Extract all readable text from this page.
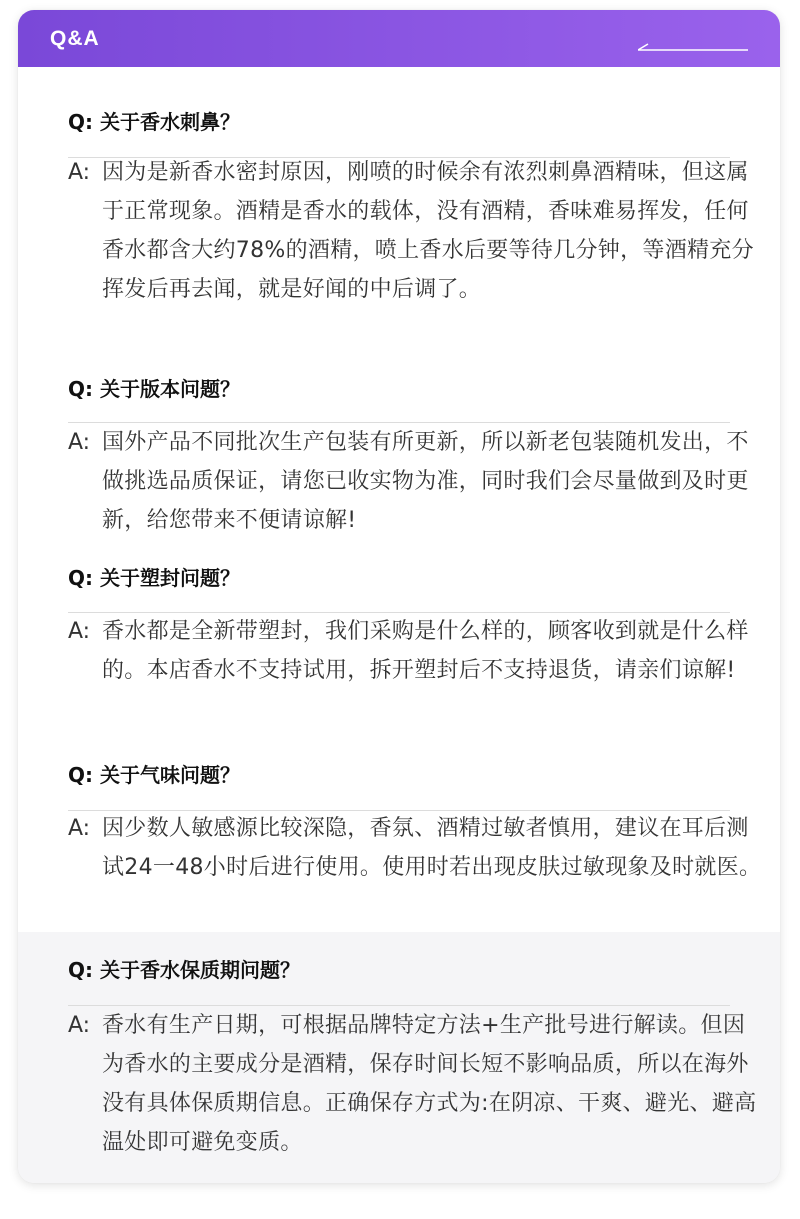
Q&A
Q: 关于香水刺鼻？
A: 因为是新香水密封原因，刚喷的时候余有浓烈刺鼻酒精味，但这属于正常现象。酒精是香水的载体，没有酒精，香味难易挥发，任何香水都含大约78%的酒精，喷上香水后要等待几分钟，等酒精充分挥发后再去闻，就是好闻的中后调了。
Q: 关于版本问题？
A: 国外产品不同批次生产包装有所更新，所以新老包装随机发出，不做挑选品质保证，请您已收实物为准，同时我们会尽量做到及时更新，给您带来不便请谅解!
Q: 关于塑封问题？
A: 香水都是全新带塑封，我们采购是什么样的，顾客收到就是什么样的。本店香水不支持试用，拆开塑封后不支持退货，请亲们谅解!
Q: 关于气味问题？
A: 因少数人敏感源比较深隐，香氛、酒精过敏者慎用，建议在耳后测试24一48小时后进行使用。使用时若出现皮肤过敏现象及时就医。
Q: 关于香水保质期问题？
A: 香水有生产日期，可根据品牌特定方法+生产批号进行解读。但因为香水的主要成分是酒精，保存时间长短不影响品质，所以在海外没有具体保质期信息。正确保存方式为:在阴凉、干爽、避光、避高温处即可避免变质。
